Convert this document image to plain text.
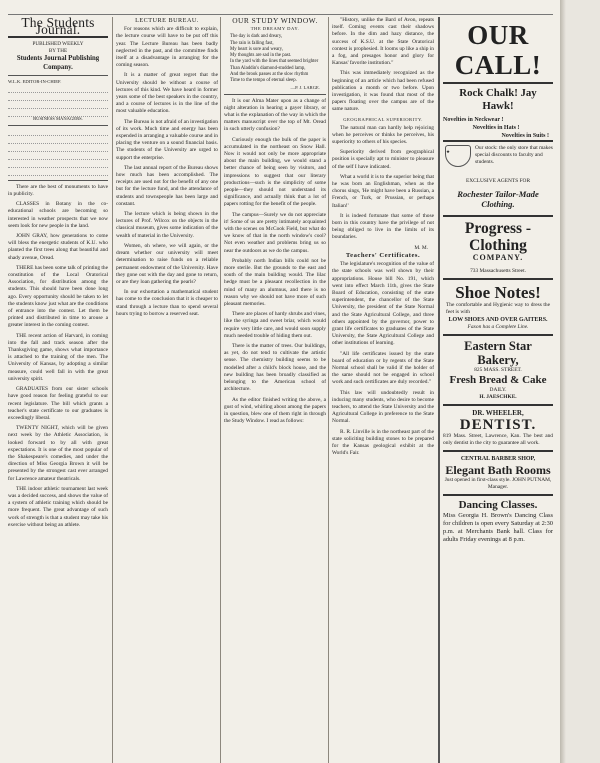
The Students Journal.
PUBLISHED WEEKLY
BY THE
Students Journal Publishing Company.
W.L.K. EDITOR-IN-CHIEF.
BUSINESS MANAGERS.
There are the best of monuments to have in publicity.
CLASSES in Botany in the co-educational schools are becoming so interested in weather prospects that we now seem look for new people in the land.
JOHN GRAY, how generations to come will bless the energetic students of K.U. who planted the first trees along that beautiful and shady avenue, Oread.
THERE has been some talk of printing the constitution of the Local Oratorical Association, for distribution among the students. This should have been done long ago. Every opportunity should be taken to let the students know just what are the conditions of entrance into the contest. Let them be printed and distributed in time to arouse a greater interest in the coming contest.
THE recent action of Harvard, in coming into the fall and track season after the Thanksgiving game, shows what importance is attached to the training of the men. The University of Kansas, by adopting a similar measure, could well fall in with the great university spirit.
GRADUATES from our sister schools have good reason for feeling grateful to our recent legislature. The bill which grants a teacher's state certificate to our graduates is exceedingly liberal.
TWENTY NIGHT, which will be given next week by the Athletic Association, is looked forward to by all with great expectations. It is one of the most popular of the Shakespeare's comedies, and under the direction of Miss Georgia Brown it will be presented by the strongest cast ever arranged for Lawrence amateur theatricals.
THE indoor athletic tournament last week was a decided success, and shows the value of a system of athletic training which should be more frequent. The great advantage of such work of strength is that a student may take his exercise without being an athlete.
LECTURE BUREAU.
For reasons which are difficult to explain, the lecture course will have to be put off this year. The Lecture Bureau has been badly neglected in the past, and the committee finds itself at a disadvantage in arranging for the coming season.
It is a matter of great regret that the University should be without a course of lectures of this kind. We have heard in former years some of the best speakers in the country, and a course of lectures is in the line of the most valuable education.
The Bureau is not afraid of an investigation of its work. Much time and energy has been expended in arranging a valuable course and in placing the venture on a sound financial basis. The students of the University are urged to support the enterprise.
The last annual report of the Bureau shows how much has been accomplished. The receipts are used not for the benefit of any one but for the lecture fund, and the attendance of students and townspeople has been large and constant.
The lecture which is being shown in the lectures of Prof. Wilcox on the objects in the classical museum, gives some indication of the wealth of material in the University.
Women, oh where, we will again, or the dream whether our university will meet determination to raise funds on a reliable permanent endowment of the University. Have they gone out with the day and gone to return, or are they loan gathering the pearls?
In our exhortation a mathematical student has come to the conclusion that it is cheaper to stand through a lecture than to spend several hours trying to borrow a reserved seat.
OUR STUDY WINDOW.
THE DREAMY DAY.
The day is dark and dreary,
The rain is falling fast,
My heart is sore and weary,
My thoughts are sad in the past.
In the yard with the lines that seemed brighter
Than Aladdin's diamond-studded lamp,
And the brook passes at the slow rhythm
Time to the tempo of eternal sleep.
—P. J. LARGE.
It is our Alma Mater upon as a change of night alteration in hearing a gayer library, or what is the explanation of the way in which the matters manuscript over the top of Mt. Oread in such utterly confusion?
Curiously enough the bulk of the paper is accumulated in the northeast on Snow Hall. Now it would not only be more appropriate about the main building, we would stand a better chance of being seen by visitors, and impressions to suggest that our literary productions—such is the simplicity of some people—they should not understand its significance, and actually think that a lot of papers rotting for the benefit of the people.
The campus—Surely we do not appreciate it! Some of us are pretty intimately acquainted with the scenes on McCook Field, but what do we know of that in the north window's cool? Not even weather and problems bring us so near the outdoors as we do the campus.
Probably north Indian bills could not be more sterile. But the grounds to the east and south of the main building would. The lilac hedge must be a pleasant recollection in the mind of many an alumnus, and there is no reason why we should not have more of such pleasant memories.
There are places of hardy shrubs and vines, like the syringa and sweet briar, which would require very little care, and would soon supply much needed trouble of hiding them out.
There is the matter of trees. Our buildings, as yet, do not tend to cultivate the artistic sense. The chemistry building seems to be modelled after a child's block house, and the new building has been broadly classified as belonging to the American school of architecture.
As the editor finished writing the above, a gust of wind, whirling about among the papers in question, blew one of them right in through the Study Window. I read as follows:
"History, unlike the Bard of Avon, repeats itself. Coming events cast their shadows before. In the dim and hazy distance, the success of K.S.U. at the State Oratorical contest is prophesied. It looms up like a ship in a fog, and presages honor and glory for Kansas' favorite institution."
This was immediately recognized as the beginning of an article which had been refused publication a month or two before. Upon investigation, it was found that most of the papers floating over the campus are of the same nature.
GEOGRAPHICAL SUPERIORITY.
The natural man can hardly help rejoicing when he perceives or thinks he perceives, his superiority to others of his species.
Superiority derived from geographical position is specially apt to minister to pleasure of the self I have indicated.
What a world it is to the superior being that he was born an Englishman, when as the chorus sings, 'He might have been a Russian, a French, or Turk, or Prussian, or perhaps Italian!'
It is indeed fortunate that some of those born in this country have the privilege of not being obliged to live in the limits of its boundaries.
M. M.
Teachers' Certificates.
The legislature's recognition of the value of the state schools was well shown by their appropriations. House bill No. 191, which went into effect March 11th, gives the State Board of Education, consisting of the state superintendent, the chancellor of the State University, the president of the State Normal and the State Agricultural College, and three others appointed by the governor, power to grant life certificates to graduates of the State University, the State Agricultural College and other institutions of learning.
"All life certificates issued by the state board of education or by regents of the State Normal school shall be valid if the holder of the same should not be engaged in school work and such certificates are duly recorded."
This law will undoubtedly result in inducing many students, who desire to become teachers, to attend the State University and the Agricultural College in preference to the State Normal.
R. R. Linville is in the northeast part of the state soliciting building stones to be prepared for the Kansas geological exhibit at the World's Fair.
OUR CALL!
Rock Chalk! Jay Hawk!
Novelties in Neckwear !
Novelties in Hats !
Novelties in Suits !
★
Our stock: the only store that makes special discounts to faculty and students.
EXCLUSIVE AGENTS FOR
Rochester Tailor-Made Clothing.
Progress - Clothing
COMPANY.
733 Massachusetts Street.
Shoe Notes!
The comfortable and Hygienic way to dress the feet is with
LOW SHOES AND OVER GAITERS.
Faxon has a Complete Line.
Eastern Star Bakery,
825 MASS. STREET.
Fresh Bread & Cake
DAILY.
H. JAESCHKE.
DR. WHEELER,
DENTIST.
819 Mass. Street, Lawrence, Kan. The best and only dentist in the city to guarantee all work.
CENTRAL BARBER SHOP,
Elegant Bath Rooms
Just opened in first-class style. JOHN PUTNAM, Manager.
Dancing Classes.
Miss Georgia H. Brown's Dancing Class for children is open every Saturday at 2:30 p.m. at Merchants Bank hall. Class for adults Friday evenings at 8 p.m.
